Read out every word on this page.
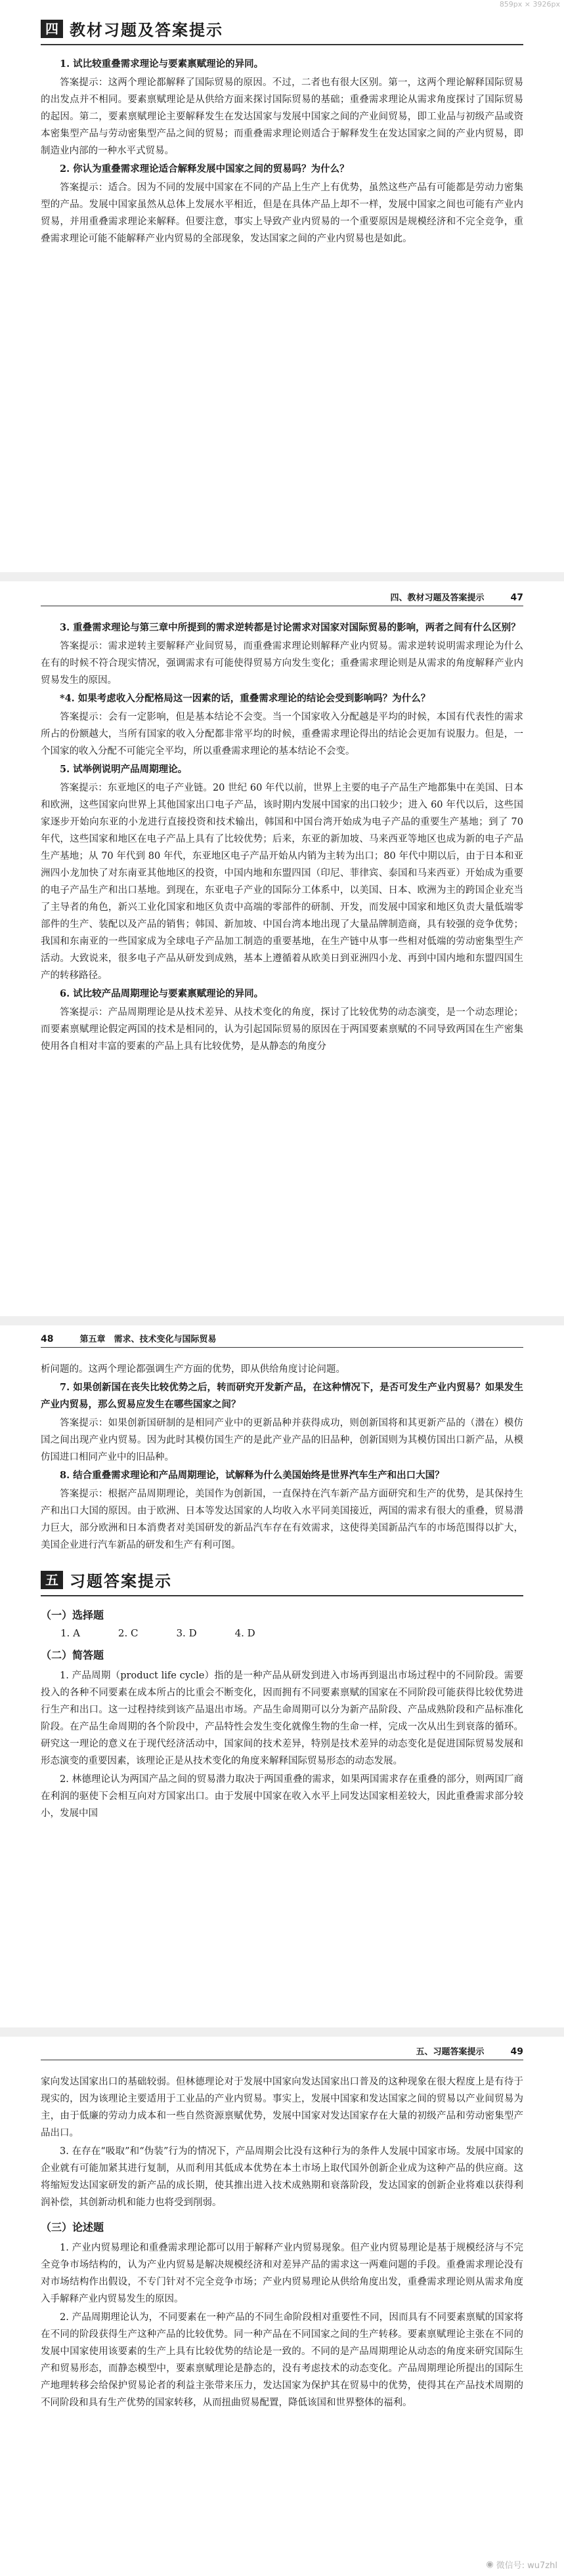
859px × 3926px
四 教材习题及答案提示

1. 试比较重叠需求理论与要素禀赋理论的异同。

答案提示：这两个理论都解释了国际贸易的原因。不过，二者也有很大区别。第一，这两个理论解释国际贸易的出发点并不相同。要素禀赋理论是从供给方面来探讨国际贸易的基础；重叠需求理论从需求角度探讨了国际贸易的起因。第二，要素禀赋理论主要解释发生在发达国家与发展中国家之间的产业间贸易，即工业品与初级产品或资本密集型产品与劳动密集型产品之间的贸易；而重叠需求理论则适合于解释发生在发达国家之间的产业内贸易，即制造业内部的一种水平式贸易。

2. 你认为重叠需求理论适合解释发展中国家之间的贸易吗？为什么？

答案提示：适合。因为不同的发展中国家在不同的产品上生产上有优势，虽然这些产品有可能都是劳动力密集型的产品。发展中国家虽然从总体上发展水平相近，但是在具体产品上却不一样，发展中国家之间也可能有产业内贸易，并用重叠需求理论来解释。但要注意，事实上导致产业内贸易的一个重要原因是规模经济和不完全竞争，重叠需求理论可能不能解释产业内贸易的全部现象，发达国家之间的产业内贸易也是如此。

四、教材习题及答案提示	47

3. 重叠需求理论与第三章中所提到的需求逆转都是讨论需求对国家对国际贸易的影响，两者之间有什么区别？

答案提示：需求逆转主要解释产业间贸易，而重叠需求理论则解释产业内贸易。需求逆转说明需求理论为什么在有的时候不符合现实情况，强调需求有可能使得贸易方向发生变化；重叠需求理论则是从需求的角度解释产业内贸易发生的原因。

*4. 如果考虑收入分配格局这一因素的话，重叠需求理论的结论会受到影响吗？为什么？

答案提示：会有一定影响，但是基本结论不会变。当一个国家收入分配越是平均的时候，本国有代表性的需求所占的份额越大，当所有国家的收入分配都非常平均的时候，重叠需求理论得出的结论会更加有说服力。但是，一个国家的收入分配不可能完全平均，所以重叠需求理论的基本结论不会变。

5. 试举例说明产品周期理论。

答案提示：东亚地区的电子产业链。20 世纪 60 年代以前，世界上主要的电子产品生产地都集中在美国、日本和欧洲，这些国家向世界上其他国家出口电子产品，该时期内发展中国家的出口较少；进入 60 年代以后，这些国家逐步开始向东亚的小龙进行直接投资和技术输出，韩国和中国台湾开始成为电子产品的重要生产基地；到了 70 年代，这些国家和地区在电子产品上具有了比较优势；后来，东亚的新加坡、马来西亚等地区也成为新的电子产品生产基地；从 70 年代到 80 年代，东亚地区电子产品开始从内销为主转为出口；80 年代中期以后，由于日本和亚洲四小龙加快了对东南亚其他地区的投资，中国内地和东盟四国（印尼、菲律宾、泰国和马来西亚）开始成为重要的电子产品生产和出口基地。到现在，东亚电子产业的国际分工体系中，以美国、日本、欧洲为主的跨国企业充当了主导者的角色，新兴工业化国家和地区负责中高端的零部件的研制、开发，而发展中国家和地区负责大量低端零部件的生产、装配以及产品的销售；韩国、新加坡、中国台湾本地出现了大量品牌制造商，具有较强的竞争优势；我国和东南亚的一些国家成为全球电子产品加工制造的重要基地，在生产链中从事一些相对低端的劳动密集型生产活动。大致说来，很多电子产品从研发到成熟，基本上遵循着从欧美日到亚洲四小龙、再到中国内地和东盟四国生产的转移路径。

6. 试比较产品周期理论与要素禀赋理论的异同。

答案提示：产品周期理论是从技术差异、从技术变化的角度，探讨了比较优势的动态演变，是一个动态理论；而要素禀赋理论假定两国的技术是相同的，认为引起国际贸易的原因在于两国要素禀赋的不同导致两国在生产密集使用各自相对丰富的要素的产品上具有比较优势，是从静态的角度分

48	第五章　需求、技术变化与国际贸易

析问题的。这两个理论都强调生产方面的优势，即从供给角度讨论问题。

7. 如果创新国在丧失比较优势之后，转而研究开发新产品，在这种情况下，是否可发生产业内贸易？如果发生产业内贸易，那么贸易应发生在哪些国家之间？

答案提示：如果创新国研制的是相同产业中的更新品种并获得成功，则创新国将和其更新产品的（潜在）模仿国之间出现产业内贸易。因为此时其模仿国生产的是此产业产品的旧品种，创新国则为其模仿国出口新产品，从模仿国进口相同产业中的旧品种。

8. 结合重叠需求理论和产品周期理论，试解释为什么美国始终是世界汽车生产和出口大国？

答案提示：根据产品周期理论，美国作为创新国，一直保持在汽车新产品方面研究和生产的优势，是其保持生产和出口大国的原因。由于欧洲、日本等发达国家的人均收入水平同美国接近，两国的需求有很大的重叠，贸易潜力巨大，部分欧洲和日本消费者对美国研发的新品汽车存在有效需求，这使得美国新品汽车的市场范围得以扩大，美国企业进行汽车新品的研发和生产有利可图。

五 习题答案提示
（一）选择题
1. A	2. C	3. D	4. D
（二）简答题

1. 产品周期（product life cycle）指的是一种产品从研发到进入市场再到退出市场过程中的不同阶段。需要投入的各种不同要素在成本所占的比重会不断变化，因而拥有不同要素禀赋的国家在不同阶段可能获得比较优势进行生产和出口。这一过程持续到该产品退出市场。产品生命周期可以分为新产品阶段、产品成熟阶段和产品标准化阶段。在产品生命周期的各个阶段中，产品特性会发生变化就像生物的生命一样，完成一次从出生到衰落的循环。研究这一理论的意义在于现代经济活动中，国家间的技术差异，特别是技术差异的动态变化是促进国际贸易发展和形态演变的重要因素，该理论正是从技术变化的角度来解释国际贸易形态的动态发展。

2. 林德理论认为两国产品之间的贸易潜力取决于两国重叠的需求，如果两国需求存在重叠的部分，则两国厂商在利润的驱使下会相互向对方国家出口。由于发展中国家在收入水平上同发达国家相差较大，因此重叠需求部分较小，发展中国

五、习题答案提示	49

家向发达国家出口的基础较弱。但林德理论对于发展中国家向发达国家出口普及的这种现象在很大程度上是有待于现实的，因为该理论主要适用于工业品的产业内贸易。事实上，发展中国家和发达国家之间的贸易以产业间贸易为主，由于低廉的劳动力成本和一些自然资源禀赋优势，发展中国家对发达国家存在大量的初级产品和劳动密集型产品出口。

3. 在存在“吸取”和“伪装”行为的情况下，产品周期会比没有这种行为的条件人发展中国家市场。发展中国家的企业就有可能加紧其进行复制，从而利用其低成本优势在本土市场上取代国外创新企业成为这种产品的供应商。这将缩短发达国家研发的新产品的成长期，使其推出进入技术成熟期和衰落阶段，发达国家的创新企业将难以获得利润补偿，其创新动机和能力也将受到削弱。

（三）论述题

1. 产业内贸易理论和重叠需求理论都可以用于解释产业内贸易现象。但产业内贸易理论是基于规模经济与不完全竞争市场结构的，认为产业内贸易是解决规模经济和对差异产品的需求这一两难问题的手段。重叠需求理论没有对市场结构作出假设，不专门针对不完全竞争市场；产业内贸易理论从供给角度出发，重叠需求理论则从需求角度入手解释产业内贸易发生的原因。

2. 产品周期理论认为，不同要素在一种产品的不同生命阶段相对重要性不同，因而具有不同要素禀赋的国家将在不同的阶段获得生产这种产品的比较优势。同一种产品在不同国家之间的生产转移。要素禀赋理论主张在不同的发展中国家使用该要素的生产上具有比较优势的结论是一致的。不同的是产品周期理论从动态的角度来研究国际生产和贸易形态，而静态模型中，要素禀赋理论是静态的，没有考虑技术的动态变化。产品周期理论所提出的国际生产地理转移会给保护贸易论者的利益主张带来压力，发达国家为保护其在贸易中的优势，使得其在产品技术周期的不同阶段和具有生产优势的国家转移，从而扭曲贸易配置，降低该国和世界整体的福利。

◉ 微信号: wu7zhl
